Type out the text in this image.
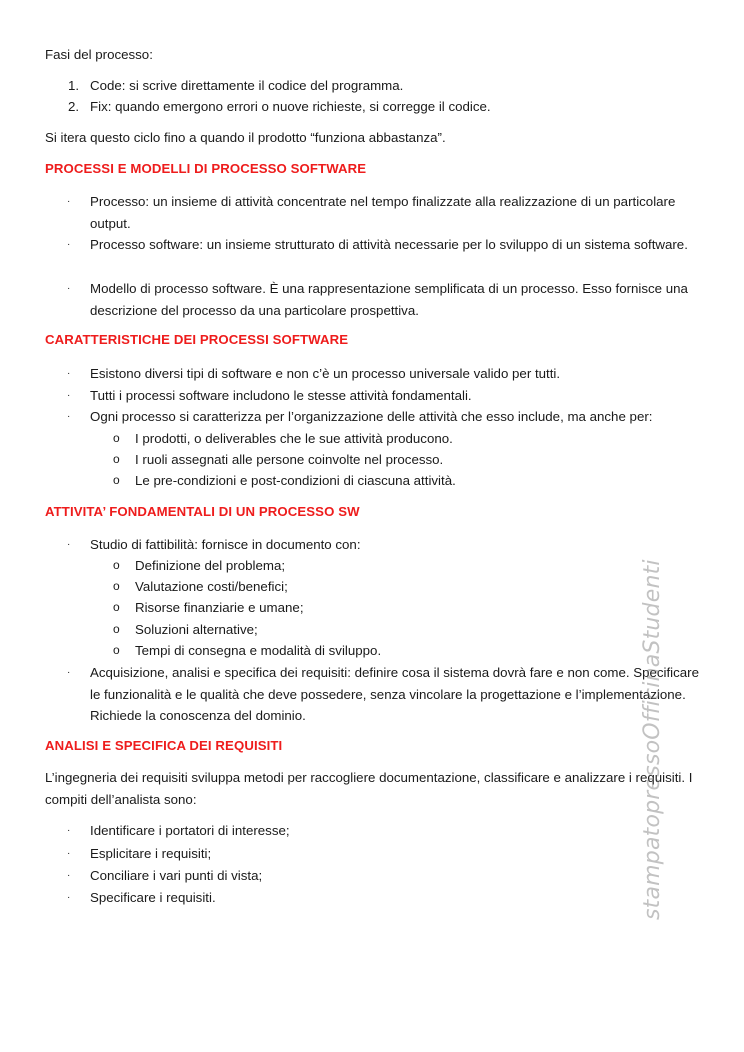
Fasi del processo:

1. Code: si scrive direttamente il codice del programma.
2. Fix: quando emergono errori o nuove richieste, si corregge il codice.

Si itera questo ciclo fino a quando il prodotto “funziona abbastanza”.

PROCESSI E MODELLI DI PROCESSO SOFTWARE
· Processo: un insieme di attività concentrate nel tempo finalizzate alla realizzazione di un particolare output.
· Processo software: un insieme strutturato di attività necessarie per lo sviluppo di un sistema software.
· Modello di processo software. È una rappresentazione semplificata di un processo. Esso fornisce una descrizione del processo da una particolare prospettiva.
CARATTERISTICHE DEI PROCESSI SOFTWARE
· Esistono diversi tipi di software e non c’è un processo universale valido per tutti.
· Tutti i processi software includono le stesse attività fondamentali.
· Ogni processo si caratterizza per l’organizzazione delle attività che esso include, ma anche per:
o I prodotti, o deliverables che le sue attività producono.
o I ruoli assegnati alle persone coinvolte nel processo.
o Le pre-condizioni e post-condizioni di ciascuna attività.
ATTIVITA’ FONDAMENTALI DI UN PROCESSO SW
· Studio di fattibilità: fornisce in documento con:
o Definizione del problema;
o Valutazione costi/benefici;
o Risorse finanziarie e umane;
o Soluzioni alternative;
o Tempi di consegna e modalità di sviluppo.
· Acquisizione, analisi e specifica dei requisiti: definire cosa il sistema dovrà fare e non come. Specificare le funzionalità e le qualità che deve possedere, senza vincolare la progettazione e l’implementazione. Richiede la conoscenza del dominio.
ANALISI E SPECIFICA DEI REQUISITI

L’ingegneria dei requisiti sviluppa metodi per raccogliere documentazione, classificare e analizzare i requisiti. I compiti dell’analista sono:

· Identificare i portatori di interesse;
· Esplicitare i requisiti;
· Conciliare i vari punti di vista;
· Specificare i requisiti.	stampatopressoOfficinaStudenti
